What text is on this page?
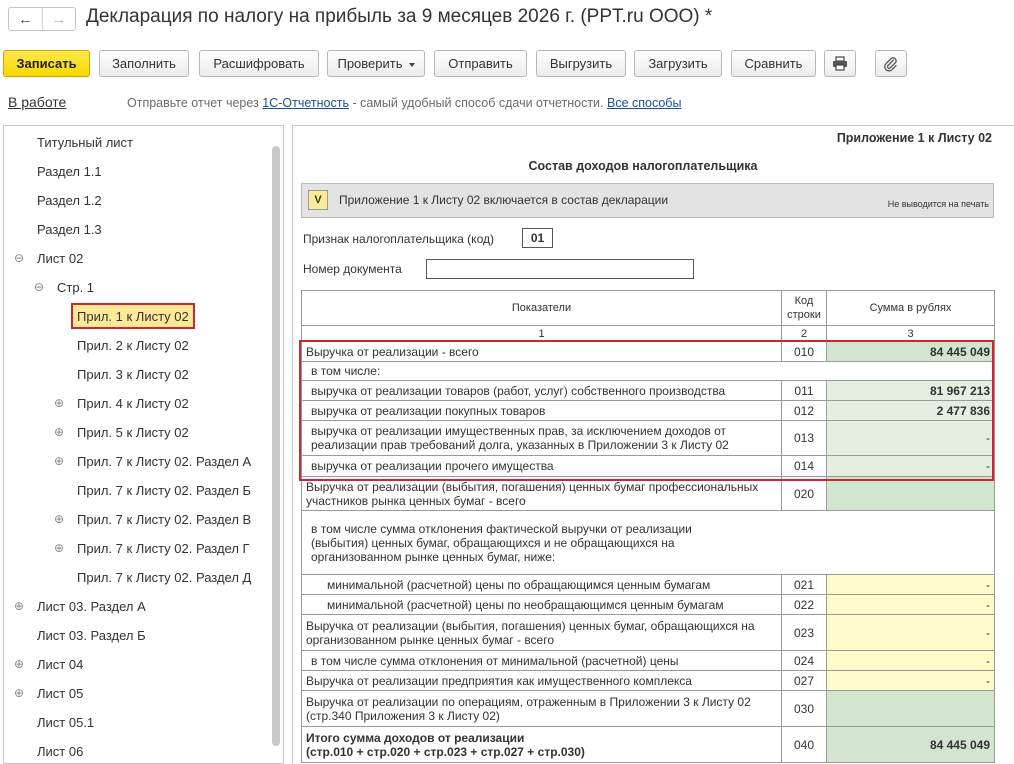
←	→	Декларация по налогу на прибыль за 9 месяцев 2026 г. (PPT.ru ООО) *
Записать	Заполнить	Расшифровать	Проверить	Отправить	Выгрузить	Загрузить	Сравнить
В работе	Отправьте отчет через 1С-Отчетность - самый удобный способ сдачи отчетности. Все способы
Титульный лист
Раздел 1.1
Раздел 1.2
Раздел 1.3
⊖ Лист 02
⊖ Стр. 1
Прил. 1 к Листу 02
Прил. 2 к Листу 02
Прил. 3 к Листу 02
⊕ Прил. 4 к Листу 02
⊕ Прил. 5 к Листу 02
⊕ Прил. 7 к Листу 02. Раздел А
Прил. 7 к Листу 02. Раздел Б
⊕ Прил. 7 к Листу 02. Раздел В
⊕ Прил. 7 к Листу 02. Раздел Г
Прил. 7 к Листу 02. Раздел Д
⊕ Лист 03. Раздел А
Лист 03. Раздел Б
⊕ Лист 04
⊕ Лист 05
Лист 05.1
Лист 06
Приложение 1 к Листу 02
Состав доходов налогоплательщика
V	Приложение 1 к Листу 02 включается в состав декларации	Не выводится на печать
Признак налогоплательщика (код)	01
Номер документа
Показатели	Код строки	Сумма в рублях
1	2	3
Выручка от реализации - всего	010	84 445 049
в том числе:		
выручка от реализации товаров (работ, услуг) собственного производства	011	81 967 213
выручка от реализации покупных товаров	012	2 477 836
выручка от реализации имущественных прав, за исключением доходов от реализации прав требований долга, указанных в Приложении 3 к Листу 02	013	-
выручка от реализации прочего имущества	014	-
Выручка от реализации (выбытия, погашения) ценных бумаг профессиональных участников рынка ценных бумаг - всего	020	
в том числе сумма отклонения фактической выручки от реализации (выбытия) ценных бумаг, обращающихся и не обращающихся на организованном рынке ценных бумаг, ниже:		
минимальной (расчетной) цены по обращающимся ценным бумагам	021	-
минимальной (расчетной) цены по необращающимся ценным бумагам	022	-
Выручка от реализации (выбытия, погашения) ценных бумаг, обращающихся на организованном рынке ценных бумаг - всего	023	-
в том числе сумма отклонения от минимальной (расчетной) цены	024	-
Выручка от реализации предприятия как имущественного комплекса	027	-
Выручка от реализации по операциям, отраженным в Приложении 3 к Листу 02 (стр.340 Приложения 3 к Листу 02)	030	

Итого сумма доходов от реализации
(стр.010 + стр.020 + стр.023 + стр.027 + стр.030)	040	84 445 049
